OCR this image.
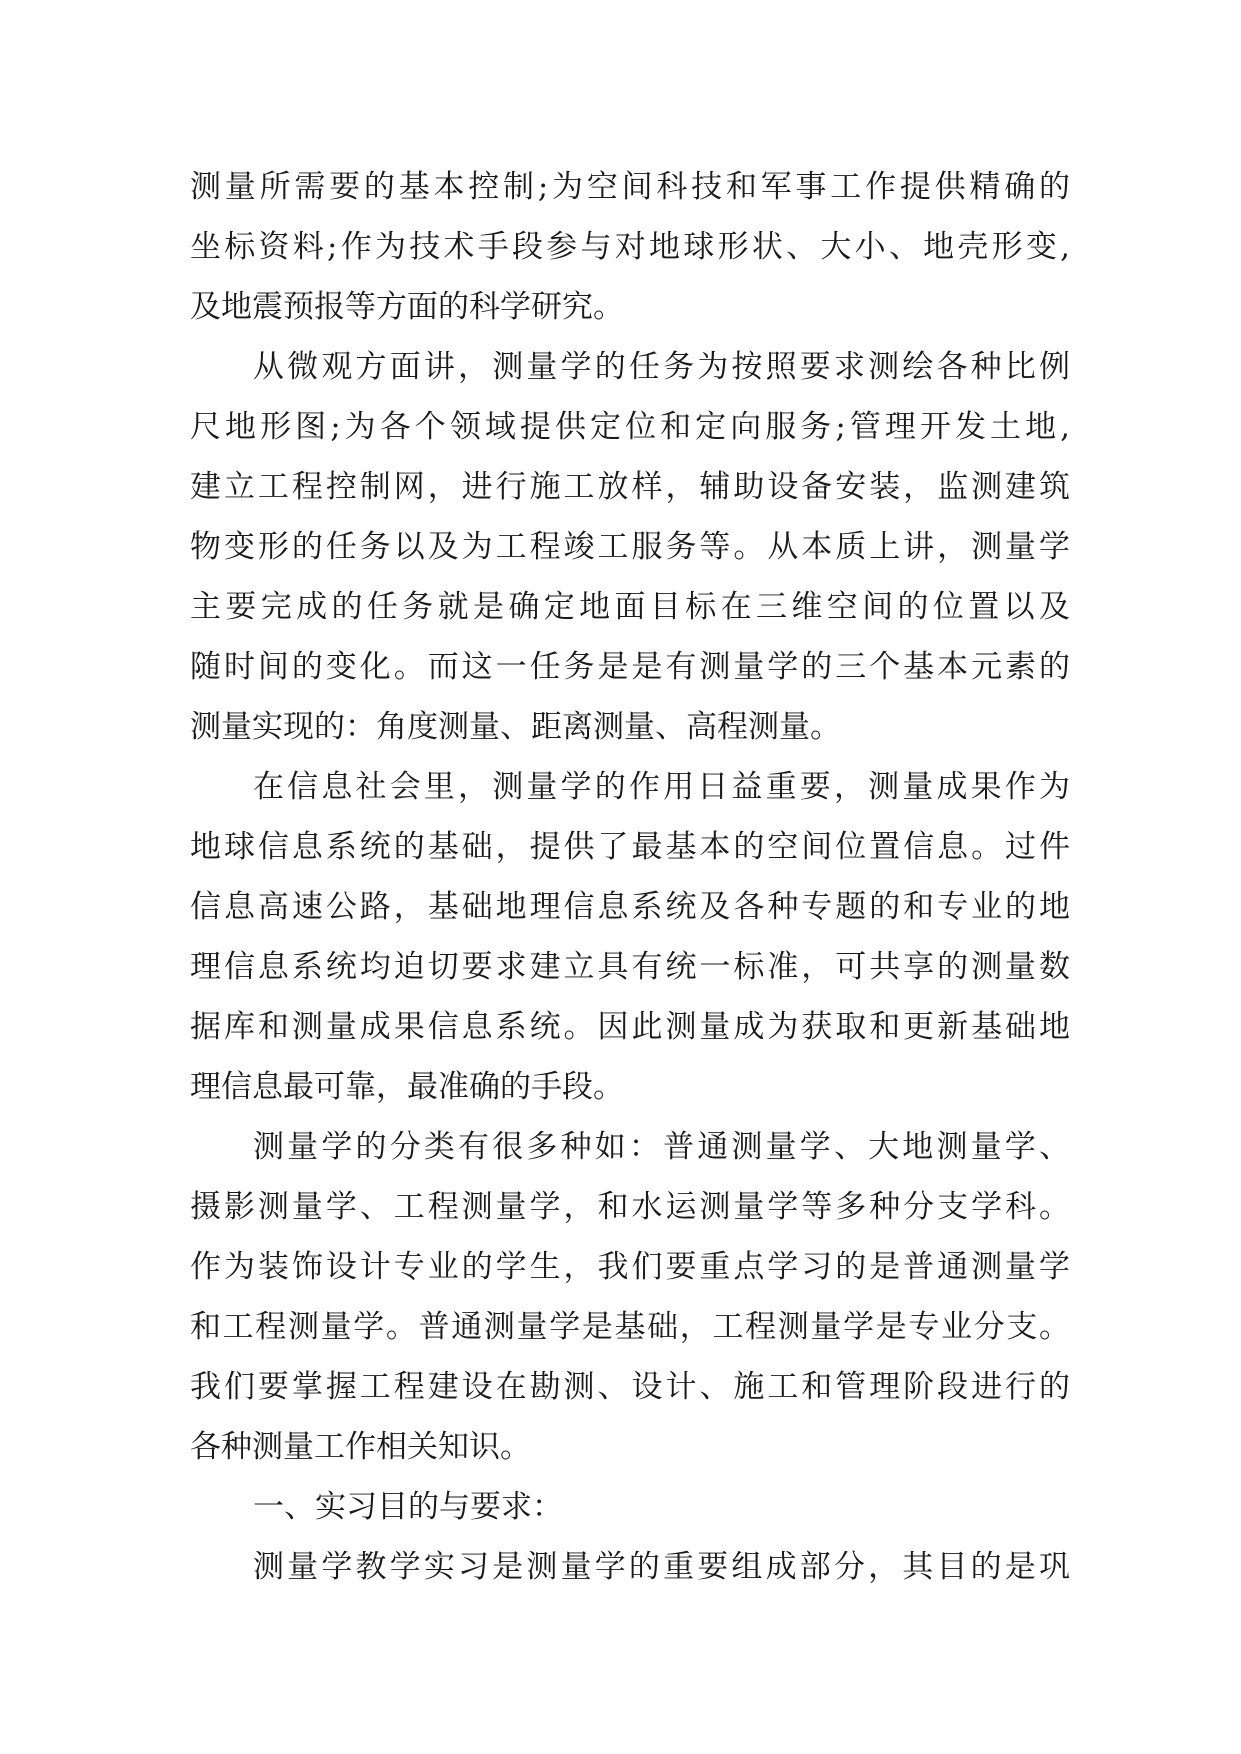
测量所需要的基本控制;为空间科技和军事工作提供精确的
坐标资料;作为技术手段参与对地球形状、大小、地壳形变,
及地震预报等方面的科学研究。
从微观方面讲，测量学的任务为按照要求测绘各种比例
尺地形图;为各个领域提供定位和定向服务;管理开发土地,
建立工程控制网，进行施工放样，辅助设备安装，监测建筑
物变形的任务以及为工程竣工服务等。从本质上讲，测量学
主要完成的任务就是确定地面目标在三维空间的位置以及
随时间的变化。而这一任务是是有测量学的三个基本元素的
测量实现的：角度测量、距离测量、高程测量。
在信息社会里，测量学的作用日益重要，测量成果作为
地球信息系统的基础，提供了最基本的空间位置信息。过件
信息高速公路，基础地理信息系统及各种专题的和专业的地
理信息系统均迫切要求建立具有统一标准，可共享的测量数
据库和测量成果信息系统。因此测量成为获取和更新基础地
理信息最可靠，最准确的手段。
测量学的分类有很多种如：普通测量学、大地测量学、
摄影测量学、工程测量学，和水运测量学等多种分支学科。
作为装饰设计专业的学生，我们要重点学习的是普通测量学
和工程测量学。普通测量学是基础，工程测量学是专业分支。
我们要掌握工程建设在勘测、设计、施工和管理阶段进行的
各种测量工作相关知识。
一、实习目的与要求：
测量学教学实习是测量学的重要组成部分，其目的是巩
